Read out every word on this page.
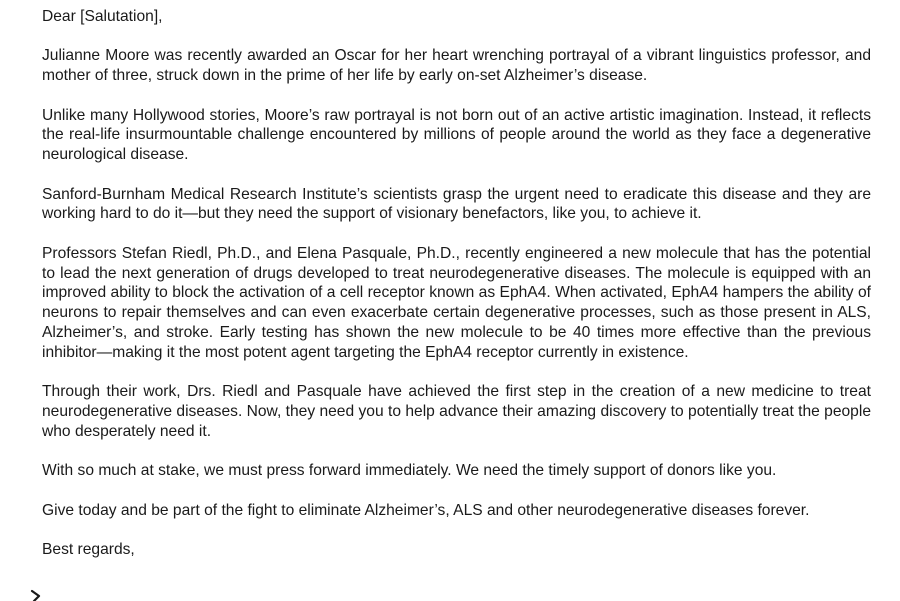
Dear [Salutation],

Julianne Moore was recently awarded an Oscar for her heart wrenching portrayal of a vibrant linguistics professor, and mother of three, struck down in the prime of her life by early on-set Alzheimer’s disease.

Unlike many Hollywood stories, Moore’s raw portrayal is not born out of an active artistic imagination. Instead, it reflects the real-life insurmountable challenge encountered by millions of people around the world as they face a degenerative neurological disease.

Sanford-Burnham Medical Research Institute’s scientists grasp the urgent need to eradicate this disease and they are working hard to do it—but they need the support of visionary benefactors, like you, to achieve it.

Professors Stefan Riedl, Ph.D., and Elena Pasquale, Ph.D., recently engineered a new molecule that has the potential to lead the next generation of drugs developed to treat neurodegenerative diseases. The molecule is equipped with an improved ability to block the activation of a cell receptor known as EphA4. When activated, EphA4 hampers the ability of neurons to repair themselves and can even exacerbate certain degenerative processes, such as those present in ALS, Alzheimer’s, and stroke. Early testing has shown the new molecule to be 40 times more effective than the previous inhibitor—making it the most potent agent targeting the EphA4 receptor currently in existence.

Through their work, Drs. Riedl and Pasquale have achieved the first step in the creation of a new medicine to treat neurodegenerative diseases. Now, they need you to help advance their amazing discovery to potentially treat the people who desperately need it.

With so much at stake, we must press forward immediately. We need the timely support of donors like you.

Give today and be part of the fight to eliminate Alzheimer’s, ALS and other neurodegenerative diseases forever.

Best regards,
